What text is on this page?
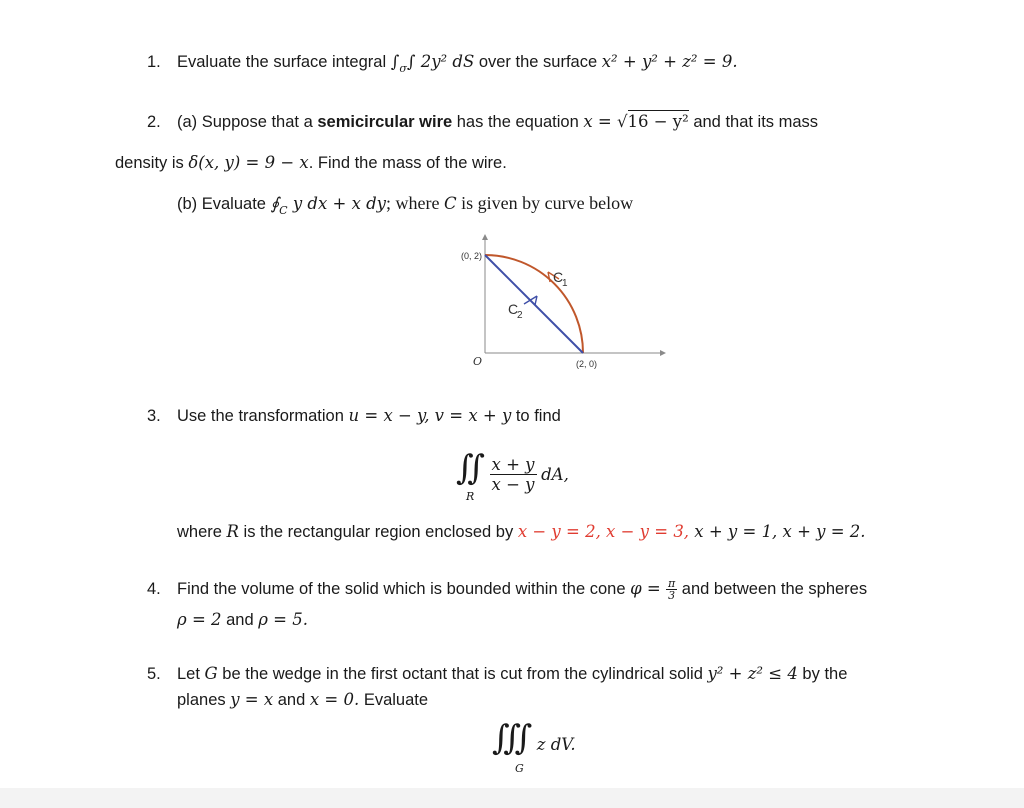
1. Evaluate the surface integral $\int_\sigma\int$ 2y² dS over the surface x² + y² + z² = 9.
2. (a) Suppose that a semicircular wire has the equation x = √16 − y² and that its mass
density is δ(x, y) = 9 − x. Find the mass of the wire.
(b) Evaluate $∮_C$ y dx + x dy; where C is given by curve below
(0, 2)
O	(2, 0)
C
1
C
2
3. Use the transformation u = x − y, v = x + y to find
∬ $\frac{x + y}{x - y}$ dA,
R
where R is the rectangular region enclosed by x − y = 2, x − y = 3, x + y = 1, x + y = 2.
4. Find the volume of the solid which is bounded within the cone $\varphi = \frac{\pi}{3}$ and between the spheres
ρ = 2 and ρ = 5.
5. Let G be the wedge in the first octant that is cut from the cylindrical solid y² + z² ≤ 4 by the
planes y = x and x = 0. Evaluate
∭ z dV.
G
